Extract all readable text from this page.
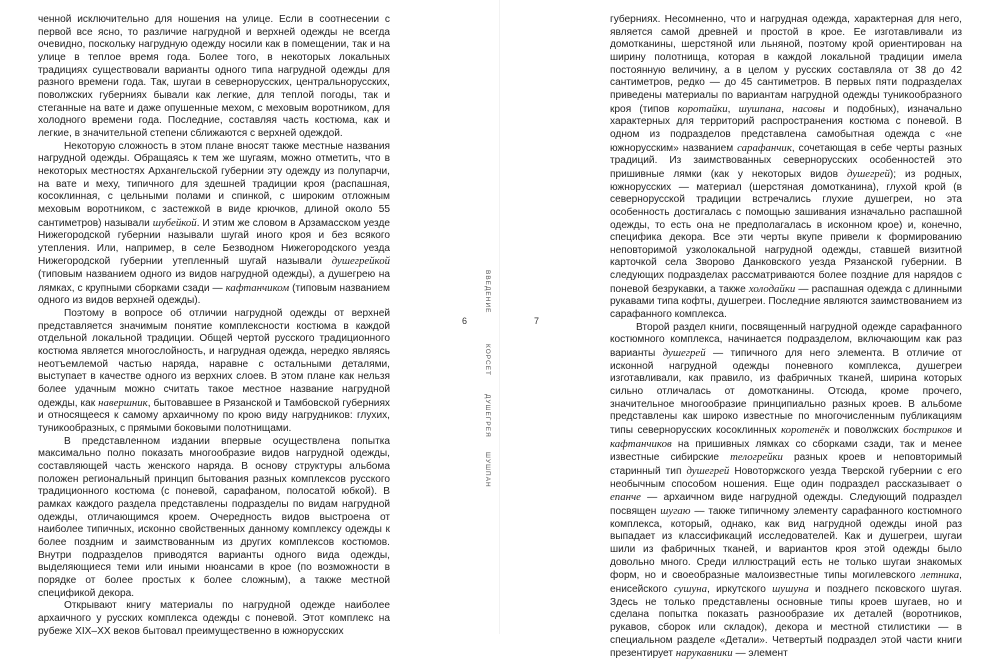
ченной исключительно для ношения на улице. Если в соотнесении с первой все ясно, то различие нагрудной и верхней одежды не всегда очевидно, поскольку нагрудную одежду носили как в помещении, так и на улице в теплое время года. Более того, в некоторых локальных традициях существовали варианты одного типа нагрудной одежды для разного времени года. Так, шугаи в севернорусских, центральнорусских, поволжских губерниях бывали как легкие, для теплой погоды, так и стеганные на вате и даже опушенные мехом, с меховым воротником, для холодного времени года. Последние, составляя часть костюма, как и легкие, в значительной степени сближаются с верхней одеждой.

Некоторую сложность в этом плане вносят также местные названия нагрудной одежды. Обращаясь к тем же шугаям, можно отметить, что в некоторых местностях Архангельской губернии эту одежду из полупарчи, на вате и меху, типичного для здешней традиции кроя (распашная, косоклинная, с цельными полами и спинкой, с широким отложным меховым воротником, с застежкой в виде крючков, длиной около 55 сантиметров) называли шубейкой. И этим же словом в Арзамасском уезде Нижегородской губернии называли шугай иного кроя и без всякого утепления. Или, например, в селе Безводном Нижегородского уезда Нижегородской губернии утепленный шугай называли душегрейкой (типовым названием одного из видов нагрудной одежды), а душегрею на лямках, с крупными сборками сзади — кафтанчиком (типовым названием одного из видов верхней одежды).

Поэтому в вопросе об отличии нагрудной одежды от верхней представляется значимым понятие комплексности костюма в каждой отдельной локальной традиции. Общей чертой русского традиционного костюма является многослойность, и нагрудная одежда, нередко являясь неотъемлемой частью наряда, наравне с остальными деталями, выступает в качестве одного из верхних слоев. В этом плане как нельзя более удачным можно считать такое местное название нагрудной одежды, как навершник, бытовавшее в Рязанской и Тамбовской губерниях и относящееся к самому архаичному по крою виду нагрудников: глухих, туникообразных, с прямыми боковыми полотнищами.

В представленном издании впервые осуществлена попытка максимально полно показать многообразие видов нагрудной одежды, составляющей часть женского наряда. В основу структуры альбома положен региональный принцип бытования разных комплексов русского традиционного костюма (с поневой, сарафаном, полосатой юбкой). В рамках каждого раздела представлены подразделы по видам нагрудной одежды, отличающимся кроем. Очередность видов выстроена от наиболее типичных, исконно свойственных данному комплексу одежды к более поздним и заимствованным из других комплексов костюмов. Внутри подразделов приводятся варианты одного вида одежды, выделяющиеся теми или иными нюансами в крое (по возможности в порядке от более простых к более сложным), а также местной спецификой декора.

Открывают книгу материалы по нагрудной одежде наиболее архаичного у русских комплекса одежды с поневой. Этот комплекс на рубеже XIX–XX веков бытовал преимущественно в южнорусских

6
ВВЕДЕНИЕ
КОРСЕТ
ДУШЕГРЕЯ
ШУШПАН
7

губерниях. Несомненно, что и нагрудная одежда, характерная для него, является самой древней и простой в крое. Ее изготавливали из домотканины, шерстяной или льняной, поэтому крой ориентирован на ширину полотнища, которая в каждой локальной традиции имела постоянную величину, а в целом у русских составляла от 38 до 42 сантиметров, редко — до 45 сантиметров. В первых пяти подразделах приведены материалы по вариантам нагрудной одежды туникообразного кроя (типов коротайки, шушпана, насовы и подобных), изначально характерных для территорий распространения костюма с поневой. В одном из подразделов представлена самобытная одежда с «не южнорусским» названием сарафанчик, сочетающая в себе черты разных традиций. Из заимствованных севернорусских особенностей это пришивные лямки (как у некоторых видов душегрей); из родных, южнорусских — материал (шерстяная домотканина), глухой крой (в севернорусской традиции встречались глухие душегреи, но эта особенность достигалась с помощью зашивания изначально распашной одежды, то есть она не предполагалась в исконном крое) и, конечно, специфика декора. Все эти черты вкупе привели к формированию неповторимой узколокальной нагрудной одежды, ставшей визитной карточкой села Зворово Данковского уезда Рязанской губернии. В следующих подразделах рассматриваются более поздние для нарядов с поневой безрукавки, а также холодайки — распашная одежда с длинными рукавами типа кофты, душегреи. Последние являются заимствованием из сарафанного комплекса.

Второй раздел книги, посвященный нагрудной одежде сарафанного костюмного комплекса, начинается подразделом, включающим как раз варианты душегрей — типичного для него элемента. В отличие от исконной нагрудной одежды поневного комплекса, душегреи изготавливали, как правило, из фабричных тканей, ширина которых сильно отличалась от домотканины. Отсюда, кроме прочего, значительное многообразие принципиально разных кроев. В альбоме представлены как широко известные по многочисленным публикациям типы севернорусских косоклинных коротенёк и поволжских бостриков и кафтанчиков на пришивных лямках со сборками сзади, так и менее известные сибирские телогрейки разных кроев и неповторимый старинный тип душегрей Новоторжского уезда Тверской губернии с его необычным способом ношения. Еще один подраздел рассказывает о епанче — архаичном виде нагрудной одежды. Следующий подраздел посвящен шугаю — также типичному элементу сарафанного костюмного комплекса, который, однако, как вид нагрудной одежды иной раз выпадает из классификаций исследователей. Как и душегреи, шугаи шили из фабричных тканей, и вариантов кроя этой одежды было довольно много. Среди иллюстраций есть не только шугаи знакомых форм, но и своеобразные малоизвестные типы могилевского летника, енисейского сушуна, иркутского шушуна и позднего псковского шугая. Здесь не только представлены основные типы кроев шугаев, но и сделана попытка показать разнообразие их деталей (воротников, рукавов, сборок или складок), декора и местной стилистики — в специальном разделе «Детали». Четвертый подраздел этой части книги презентирует нарукавники — элемент
